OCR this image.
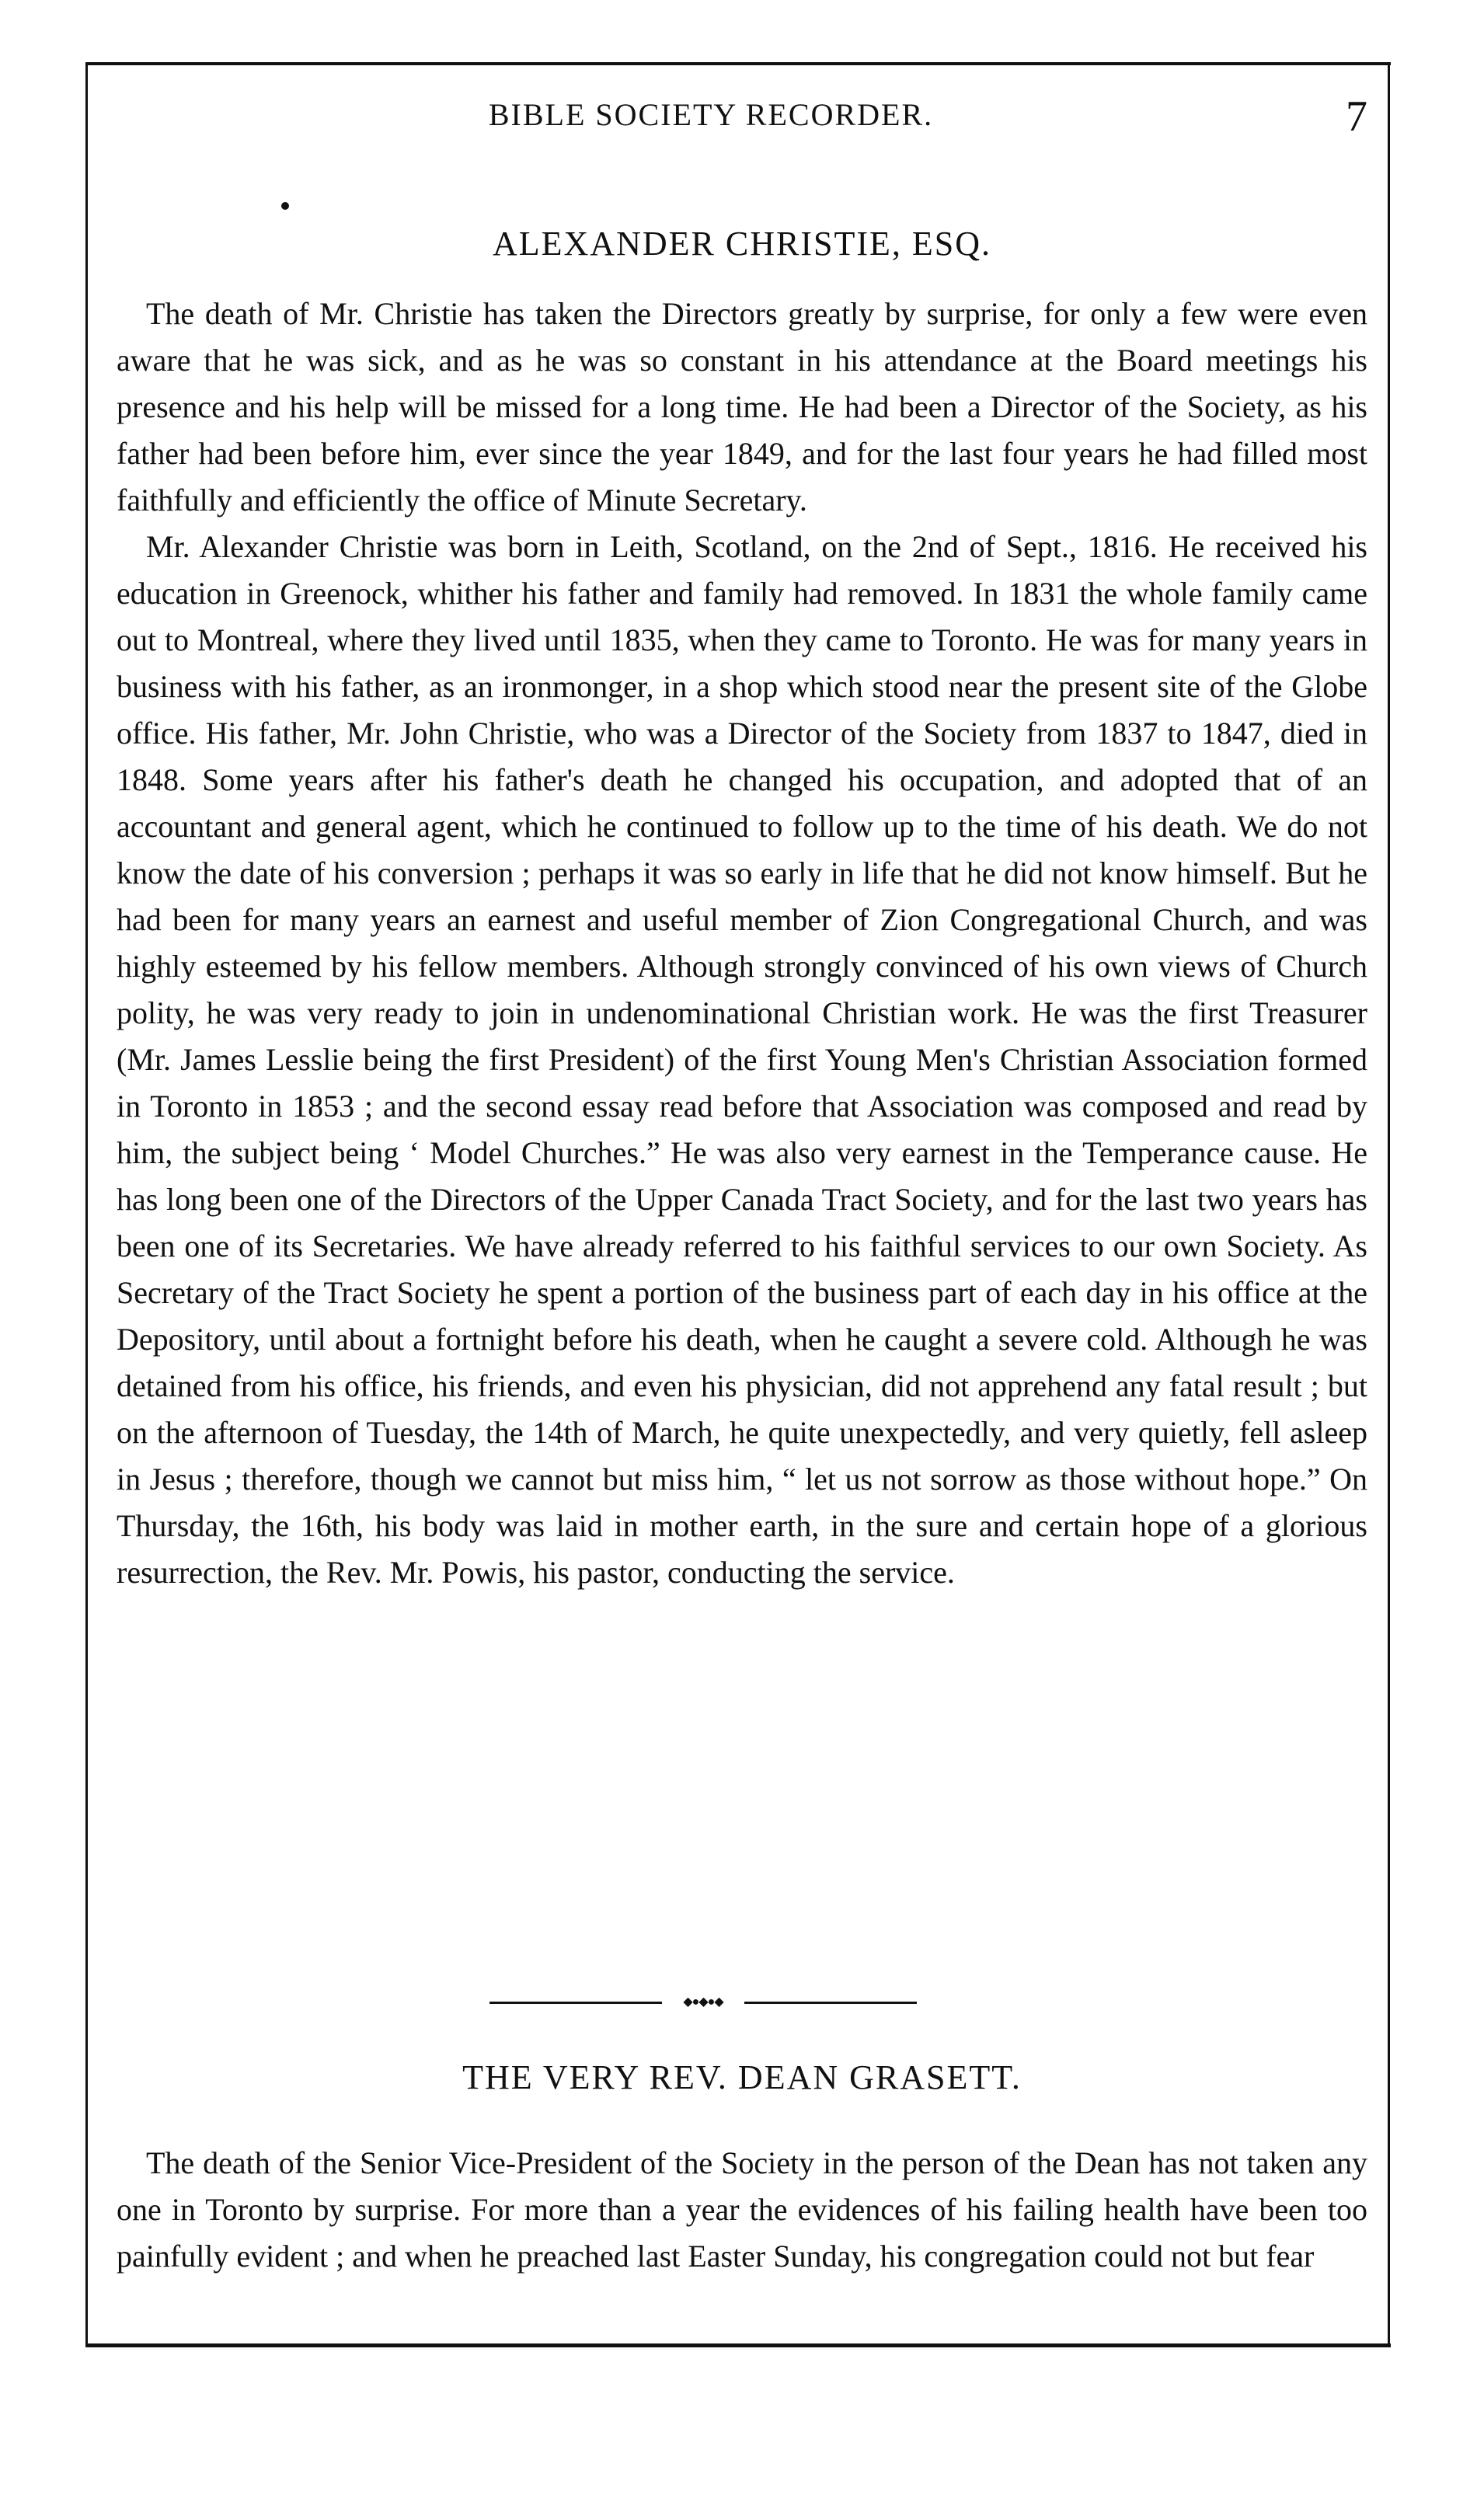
BIBLE SOCIETY RECORDER.	7
ALEXANDER CHRISTIE, ESQ.

The death of Mr. Christie has taken the Directors greatly by surprise, for only a few were even aware that he was sick, and as he was so constant in his attendance at the Board meetings his presence and his help will be missed for a long time. He had been a Director of the Society, as his father had been before him, ever since the year 1849, and for the last four years he had filled most faithfully and efficiently the office of Minute Secretary.

Mr. Alexander Christie was born in Leith, Scotland, on the 2nd of Sept., 1816. He received his education in Greenock, whither his father and family had removed. In 1831 the whole family came out to Montreal, where they lived until 1835, when they came to Toronto. He was for many years in business with his father, as an ironmonger, in a shop which stood near the present site of the Globe office. His father, Mr. John Christie, who was a Director of the Society from 1837 to 1847, died in 1848. Some years after his father's death he changed his occupation, and adopted that of an accountant and general agent, which he continued to follow up to the time of his death. We do not know the date of his conversion ; perhaps it was so early in life that he did not know himself. But he had been for many years an earnest and useful member of Zion Congregational Church, and was highly esteemed by his fellow members. Although strongly convinced of his own views of Church polity, he was very ready to join in undenominational Christian work. He was the first Treasurer (Mr. James Lesslie being the first President) of the first Young Men's Christian Association formed in Toronto in 1853 ; and the second essay read before that Association was composed and read by him, the subject being ‘ Model Churches.” He was also very earnest in the Temperance cause. He has long been one of the Directors of the Upper Canada Tract Society, and for the last two years has been one of its Secretaries. We have already referred to his faithful services to our own Society. As Secretary of the Tract Society he spent a portion of the business part of each day in his office at the Depository, until about a fortnight before his death, when he caught a severe cold. Although he was detained from his office, his friends, and even his physician, did not apprehend any fatal result ; but on the afternoon of Tuesday, the 14th of March, he quite unexpectedly, and very quietly, fell asleep in Jesus ; therefore, though we cannot but miss him, “ let us not sorrow as those without hope.” On Thursday, the 16th, his body was laid in mother earth, in the sure and certain hope of a glorious resurrection, the Rev. Mr. Powis, his pastor, conducting the service.

◆●◆●◆
THE VERY REV. DEAN GRASETT.

The death of the Senior Vice-President of the Society in the person of the Dean has not taken any one in Toronto by surprise. For more than a year the evidences of his failing health have been too painfully evident ; and when he preached last Easter Sunday, his congregation could not but fear
